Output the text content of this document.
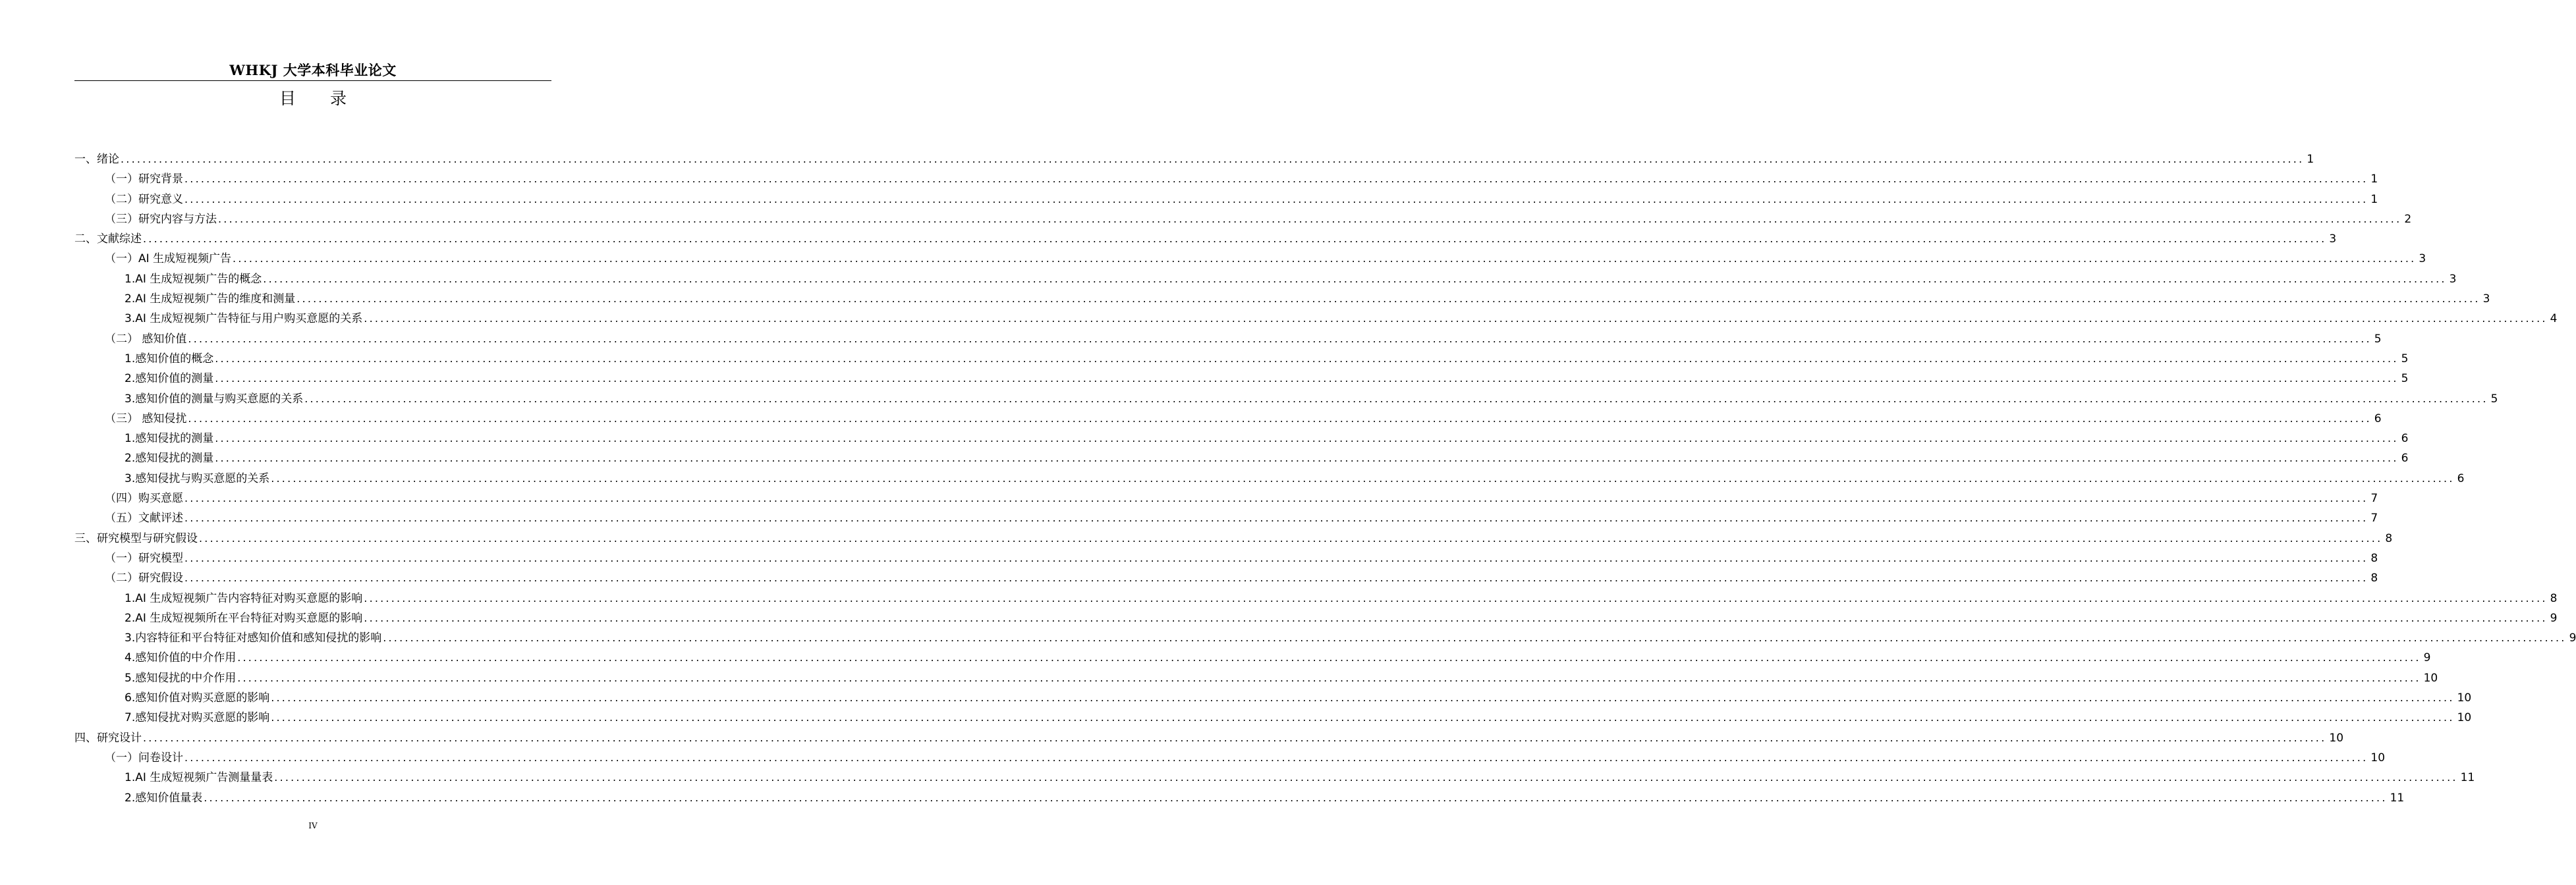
WHKJ 大学本科毕业论文
目 录
一、绪论 ................................................................................................................................................................................................................................................................................................................................................................................................................ 1
（一）研究背景 ................................................................................................................................................................................................................................................................................................................................................................................................................ 1
（二）研究意义 ................................................................................................................................................................................................................................................................................................................................................................................................................ 1
（三）研究内容与方法 ................................................................................................................................................................................................................................................................................................................................................................................................................ 2
二、文献综述 ................................................................................................................................................................................................................................................................................................................................................................................................................ 3
（一）AI 生成短视频广告 ................................................................................................................................................................................................................................................................................................................................................................................................................ 3
1.AI 生成短视频广告的概念 ................................................................................................................................................................................................................................................................................................................................................................................................................ 3
2.AI 生成短视频广告的维度和测量 ................................................................................................................................................................................................................................................................................................................................................................................................................ 3
3.AI 生成短视频广告特征与用户购买意愿的关系 ................................................................................................................................................................................................................................................................................................................................................................................................................ 4
（二） 感知价值 ................................................................................................................................................................................................................................................................................................................................................................................................................ 5
1.感知价值的概念 ................................................................................................................................................................................................................................................................................................................................................................................................................ 5
2.感知价值的测量 ................................................................................................................................................................................................................................................................................................................................................................................................................ 5
3.感知价值的测量与购买意愿的关系 ................................................................................................................................................................................................................................................................................................................................................................................................................ 5
（三） 感知侵扰 ................................................................................................................................................................................................................................................................................................................................................................................................................ 6
1.感知侵扰的测量 ................................................................................................................................................................................................................................................................................................................................................................................................................ 6
2.感知侵扰的测量 ................................................................................................................................................................................................................................................................................................................................................................................................................ 6
3.感知侵扰与购买意愿的关系 ................................................................................................................................................................................................................................................................................................................................................................................................................ 6
（四）购买意愿 ................................................................................................................................................................................................................................................................................................................................................................................................................ 7
（五）文献评述 ................................................................................................................................................................................................................................................................................................................................................................................................................ 7
三、研究模型与研究假设 ................................................................................................................................................................................................................................................................................................................................................................................................................ 8
（一）研究模型 ................................................................................................................................................................................................................................................................................................................................................................................................................ 8
（二）研究假设 ................................................................................................................................................................................................................................................................................................................................................................................................................ 8
1.AI 生成短视频广告内容特征对购买意愿的影响 ................................................................................................................................................................................................................................................................................................................................................................................................................ 8
2.AI 生成短视频所在平台特征对购买意愿的影响 ................................................................................................................................................................................................................................................................................................................................................................................................................ 9
3.内容特征和平台特征对感知价值和感知侵扰的影响 ................................................................................................................................................................................................................................................................................................................................................................................................................ 9
4.感知价值的中介作用 ................................................................................................................................................................................................................................................................................................................................................................................................................ 9
5.感知侵扰的中介作用 ................................................................................................................................................................................................................................................................................................................................................................................................................ 10
6.感知价值对购买意愿的影响 ................................................................................................................................................................................................................................................................................................................................................................................................................ 10
7.感知侵扰对购买意愿的影响 ................................................................................................................................................................................................................................................................................................................................................................................................................ 10
四、研究设计 ................................................................................................................................................................................................................................................................................................................................................................................................................ 10
（一）问卷设计 ................................................................................................................................................................................................................................................................................................................................................................................................................ 10
1.AI 生成短视频广告测量量表 ................................................................................................................................................................................................................................................................................................................................................................................................................ 11
2.感知价值量表 ................................................................................................................................................................................................................................................................................................................................................................................................................ 11
IV
